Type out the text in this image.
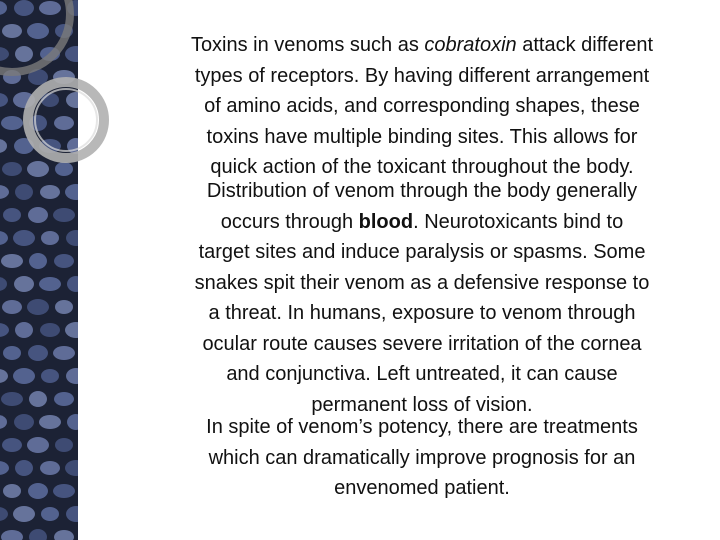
Toxins in venoms such as cobratoxin attack different
types of receptors. By having different arrangement
of amino acids, and corresponding shapes, these
toxins have multiple binding sites. This allows for
quick action of the toxicant throughout the body.
Distribution of venom through the body generally
occurs through blood. Neurotoxicants bind to
target sites and induce paralysis or spasms. Some
snakes spit their venom as a defensive response to
a threat. In humans, exposure to venom through
ocular route causes severe irritation of the cornea
and conjunctiva. Left untreated, it can cause
permanent loss of vision.
In spite of venom’s potency, there are treatments
which can dramatically improve prognosis for an
envenomed patient.
